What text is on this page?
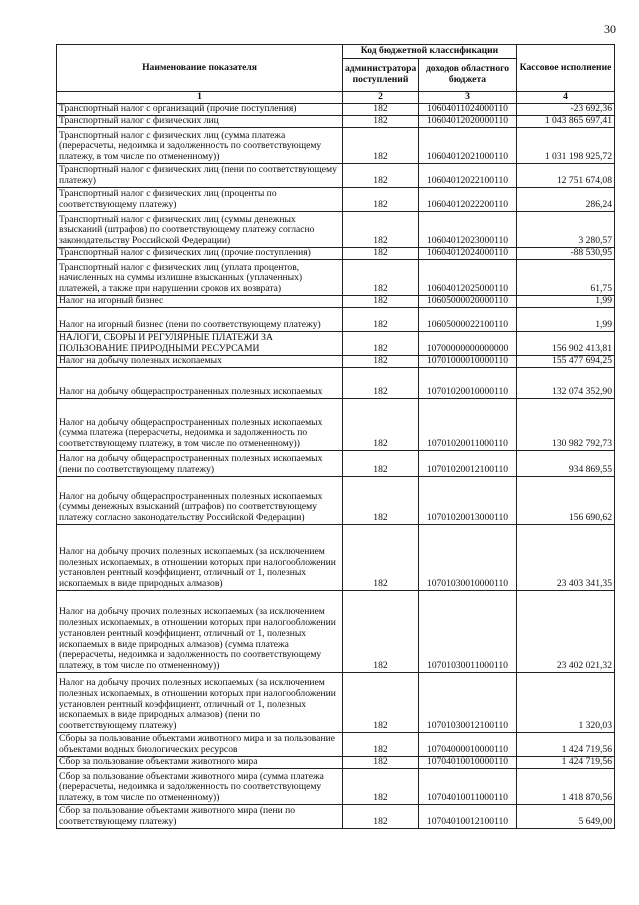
30
Наименование показателя	Код бюджетной классификации		Кассовое исполнение
	администратора поступлений	доходов областного бюджета	
1	2	3	4
Транспортный налог с организаций (прочие поступления)	182	10604011024000110	-23 692,36
Транспортный налог с физических лиц	182	10604012020000110	1 043 865 697,41
Транспортный налог с физических лиц (сумма платежа (перерасчеты, недоимка и задолженность по соответствующему платежу, в том числе по отмененному))	182	10604012021000110	1 031 198 925,72
Транспортный налог с физических лиц (пени по соответствующему платежу)	182	10604012022100110	12 751 674,08
Транспортный налог с физических лиц (проценты по соответствующему платежу)	182	10604012022200110	286,24
Транспортный налог с физических лиц (суммы денежных взысканий (штрафов) по соответствующему платежу согласно законодательству Российской Федерации)	182	10604012023000110	3 280,57
Транспортный налог с физических лиц (прочие поступления)	182	10604012024000110	-88 530,95
Транспортный налог с физических лиц (уплата процентов, начисленных на суммы излишне взысканных (уплаченных) платежей, а также при нарушении сроков их возврата)	182	10604012025000110	61,75
Налог на игорный бизнес	182	10605000020000110	1,99
Налог на игорный бизнес (пени по соответствующему платежу)	182	10605000022100110	1,99
НАЛОГИ, СБОРЫ И РЕГУЛЯРНЫЕ ПЛАТЕЖИ ЗА ПОЛЬЗОВАНИЕ ПРИРОДНЫМИ РЕСУРСАМИ	182	10700000000000000	156 902 413,81
Налог на добычу полезных ископаемых	182	10701000010000110	155 477 694,25
Налог на добычу общераспространенных полезных ископаемых	182	10701020010000110	132 074 352,90
Налог на добычу общераспространенных полезных ископаемых (сумма платежа (перерасчеты, недоимка и задолженность по соответствующему платежу, в том числе по отмененному))	182	10701020011000110	130 982 792,73
Налог на добычу общераспространенных полезных ископаемых (пени по соответствующему платежу)	182	10701020012100110	934 869,55
Налог на добычу общераспространенных полезных ископаемых (суммы денежных взысканий (штрафов) по соответствующему платежу согласно законодательству Российской Федерации)	182	10701020013000110	156 690,62
Налог на добычу прочих полезных ископаемых (за исключением полезных ископаемых, в отношении которых при налогообложении установлен рентный коэффициент, отличный от 1, полезных ископаемых в виде природных алмазов)	182	10701030010000110	23 403 341,35
Налог на добычу прочих полезных ископаемых (за исключением полезных ископаемых, в отношении которых при налогообложении установлен рентный коэффициент, отличный от 1, полезных ископаемых в виде природных алмазов) (сумма платежа (перерасчеты, недоимка и задолженность по соответствующему платежу, в том числе по отмененному))	182	10701030011000110	23 402 021,32
Налог на добычу прочих полезных ископаемых (за исключением полезных ископаемых, в отношении которых при налогообложении установлен рентный коэффициент, отличный от 1, полезных ископаемых в виде природных алмазов) (пени по соответствующему платежу)	182	10701030012100110	1 320,03
Сборы за пользование объектами животного мира и за пользование объектами водных биологических ресурсов	182	10704000010000110	1 424 719,56
Сбор за пользование объектами животного мира	182	10704010010000110	1 424 719,56
Сбор за пользование объектами животного мира (сумма платежа (перерасчеты, недоимка и задолженность по соответствующему платежу, в том числе по отмененному))	182	10704010011000110	1 418 870,56
Сбор за пользование объектами животного мира (пени по соответствующему платежу)	182	10704010012100110	5 649,00
